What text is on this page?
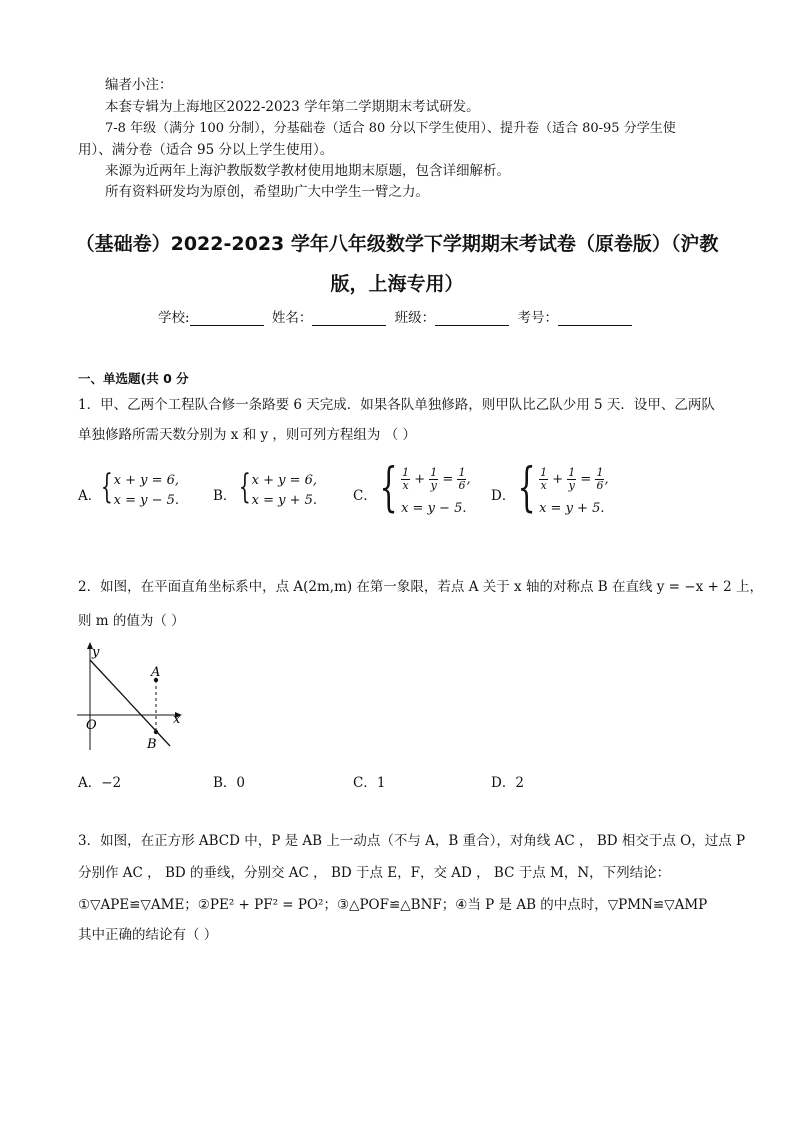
编者小注：
本套专辑为上海地区2022-2023 学年第二学期期末考试研发。
7-8 年级（满分 100 分制），分基础卷（适合 80 分以下学生使用）、提升卷（适合 80-95 分学生使
用）、满分卷（适合 95 分以上学生使用）。
来源为近两年上海沪教版数学教材使用地期末原题，包含详细解析。
所有资料研发均为原创，希望助广大中学生一臂之力。
（基础卷）2022-2023 学年八年级数学下学期期末考试卷（原卷版）（沪教
版，上海专用）
学校:	姓名：	班级：	考号：
一、单选题(共 0 分
1．甲、乙两个工程队合修一条路要 6 天完成．如果各队单独修路，则甲队比乙队少用 5 天．设甲、乙两队
单独修路所需天数分别为 x 和 y ，则可列方程组为 （ ）
A． { x + y = 6,
x = y − 5.	B． { x + y = 6,
x = y + 5.	C． { $\frac{1}{x} + \frac{1}{y} = \frac{1}{6}$ ,
x = y − 5.
D． { $\frac{1}{x} + \frac{1}{y} = \frac{1}{6}$ ,
x = y + 5.
2．如图，在平面直角坐标系中，点 A(2m,m) 在第一象限，若点 A 关于 x 轴的对称点 B 在直线 y = −x + 2 上，
则 m 的值为（ ）
y
x
O
A
B
A．−2	B．0	C．1	D．2
3．如图，在正方形 ABCD 中，P 是 AB 上一动点（不与 A，B 重合），对角线 AC ， BD 相交于点 O，过点 P
分别作 AC ， BD 的垂线，分别交 AC ， BD 于点 E，F，交 AD ， BC 于点 M，N，下列结论：
①▽APE≌▽AME；②PE² + PF² = PO²；③△POF≌△BNF；④当 P 是 AB 的中点时，▽PMN≌▽AMP
其中正确的结论有（ ）
